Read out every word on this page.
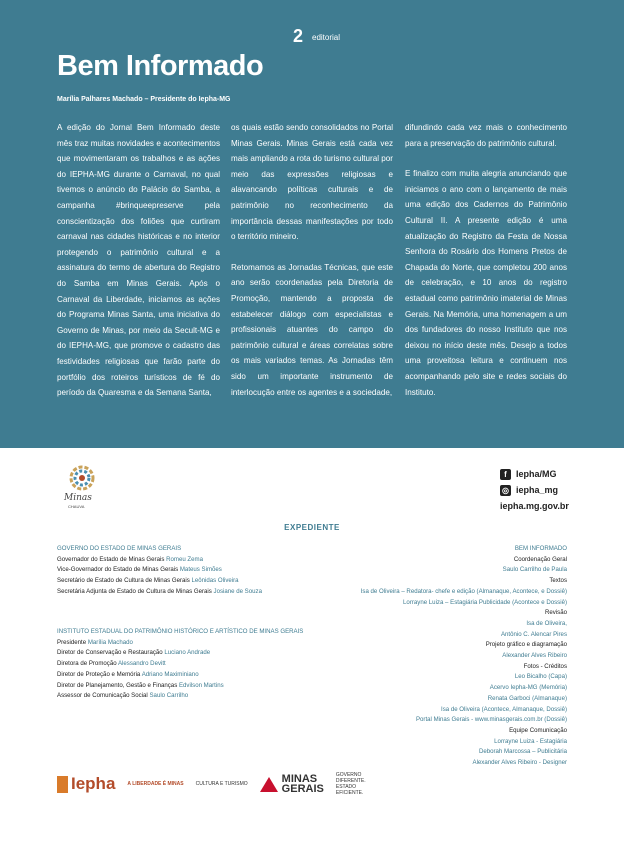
2 editorial
Bem Informado
Marília Palhares Machado – Presidente do Iepha-MG

A edição do Jornal Bem Informado deste mês traz muitas novidades e acontecimentos que movimentaram os trabalhos e as ações do IEPHA-MG durante o Carnaval, no qual tivemos o anúncio do Palácio do Samba, a campanha #brinqueepreserve pela conscientização dos foliões que curtiram carnaval nas cidades históricas e no interior protegendo o patrimônio cultural e a assinatura do termo de abertura do Registro do Samba em Minas Gerais. Após o Carnaval da Liberdade, iniciamos as ações do Programa Minas Santa, uma iniciativa do Governo de Minas, por meio da Secult-MG e do IEPHA-MG, que promove o cadastro das festividades religiosas que farão parte do portfólio dos roteiros turísticos de fé do período da Quaresma e da Semana Santa,

os quais estão sendo consolidados no Portal Minas Gerais. Minas Gerais está cada vez mais ampliando a rota do turismo cultural por meio das expressões religiosas e alavancando políticas culturais e de patrimônio no reconhecimento da importância dessas manifestações por todo o território mineiro.

Retomamos as Jornadas Técnicas, que este ano serão coordenadas pela Diretoria de Promoção, mantendo a proposta de estabelecer diálogo com especialistas e profissionais atuantes do campo do patrimônio cultural e áreas correlatas sobre os mais variados temas. As Jornadas têm sido um importante instrumento de interlocução entre os agentes e a sociedade,

difundindo cada vez mais o conhecimento para a preservação do patrimônio cultural.

E finalizo com muita alegria anunciando que iniciamos o ano com o lançamento de mais uma edição dos Cadernos do Patrimônio Cultural II. A presente edição é uma atualização do Registro da Festa de Nossa Senhora do Rosário dos Homens Pretos de Chapada do Norte, que completou 200 anos de celebração, e 10 anos do registro estadual como patrimônio imaterial de Minas Gerais. Na Memória, uma homenagem a um dos fundadores do nosso Instituto que nos deixou no início deste mês. Desejo a todos uma proveitosa leitura e continuem nos acompanhando pelo site e redes sociais do Instituto.

Minas
CHAUVA
f	Iepha/MG
◎ iepha_mg
iepha.mg.gov.br
EXPEDIENTE
GOVERNO DO ESTADO DE MINAS GERAIS
Governador do Estado de Minas Gerais Romeu Zema
Vice-Governador do Estado de Minas Gerais Mateus Simões
Secretário de Estado de Cultura de Minas Gerais Leônidas Oliveira
Secretária Adjunta de Estado de Cultura de Minas Gerais Josiane de Souza
INSTITUTO ESTADUAL DO PATRIMÔNIO HISTÓRICO E ARTÍSTICO DE MINAS GERAIS
Presidente Marília Machado
Diretor de Conservação e Restauração Luciano Andrade
Diretora de Promoção Alessandro Devitt
Diretor de Proteção e Memória Adriano Maximiniano
Diretor de Planejamento, Gestão e Finanças Edvilson Martins
Assessor de Comunicação Social Saulo Carrilho
BEM INFORMADO
Coordenação Geral
Saulo Carrilho de Paula
Textos
Isa de Oliveira – Redatora- chefe e edição (Almanaque, Acontece, e Dossiê)
Lorrayne Luiza – Estagiária Publicidade (Acontece e Dossiê)
Revisão
Isa de Oliveira,
Antônio C. Alencar Pires
Projeto gráfico e diagramação
Alexander Alves Ribeiro
Fotos - Créditos
Leo Bicalho (Capa)
Acervo Iepha-MG (Memória)
Renata Garboci (Almanaque)
Isa de Oliveira (Acontece, Almanaque, Dossiê)
Portal Minas Gerais - www.minasgerais.com.br (Dossiê)
Equipe Comunicação
Lorrayne Luiza - Estagiária
Deborah Marcossa – Publicitária
Alexander Alves Ribeiro - Designer
Iepha A LIBERDADE É MINAS CULTURA E TURISMO	MINAS
GERAIS
GOVERNO DIFERENTE. ESTADO EFICIENTE.
